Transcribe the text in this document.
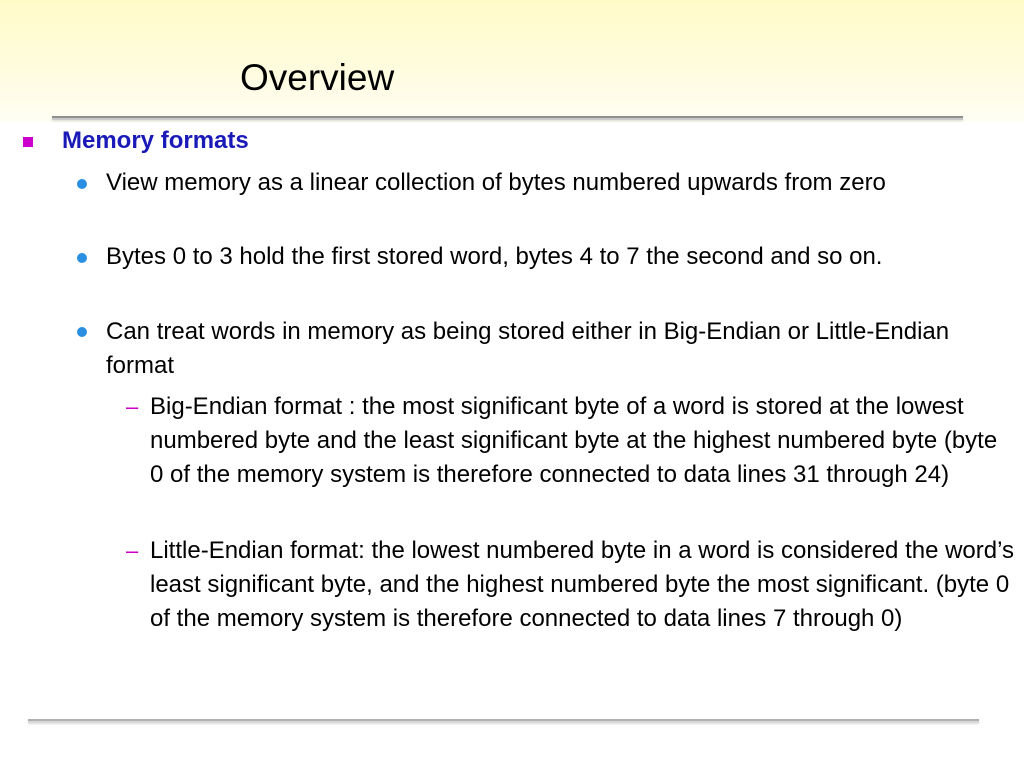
Overview
Memory formats
View memory as a linear collection of bytes numbered upwards from zero
Bytes 0 to 3 hold the first stored word, bytes 4 to 7 the second and so on.
Can treat words in memory as being stored either in Big-Endian or Little-Endian format
– Big-Endian format : the most significant byte of a word is stored at the lowest numbered byte and the least significant byte at the highest numbered byte (byte 0 of the memory system is therefore connected to data lines 31 through 24)
– Little-Endian format: the lowest numbered byte in a word is considered the word’s least significant byte, and the highest numbered byte the most significant. (byte 0 of the memory system is therefore connected to data lines 7 through 0)
